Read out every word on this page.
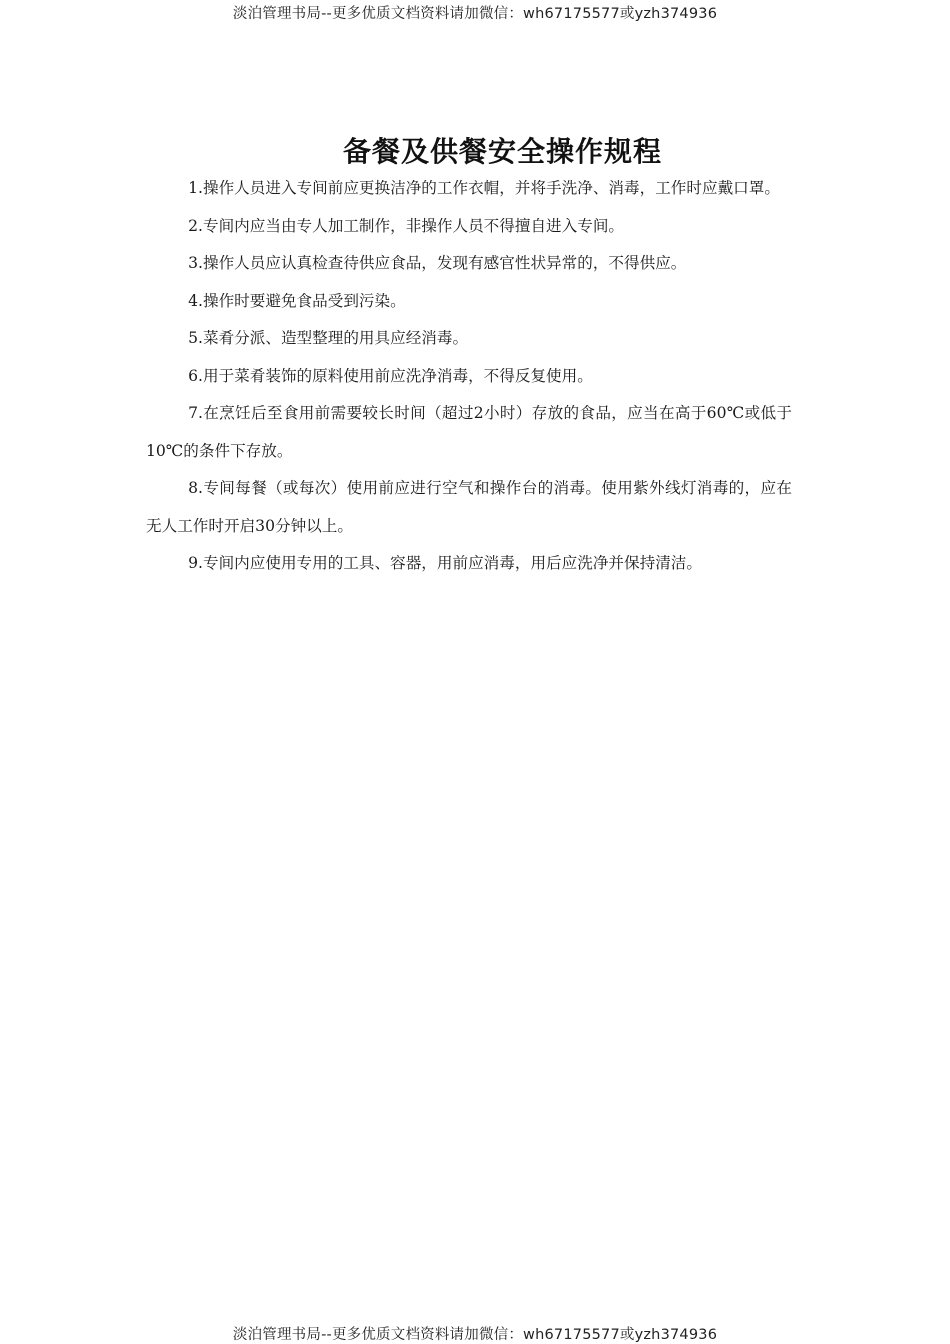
淡泊管理书局--更多优质文档资料请加微信：wh67175577或yzh374936
备餐及供餐安全操作规程

1.操作人员进入专间前应更换洁净的工作衣帽，并将手洗净、消毒，工作时应戴口罩。

2.专间内应当由专人加工制作，非操作人员不得擅自进入专间。

3.操作人员应认真检查待供应食品，发现有感官性状异常的，不得供应。

4.操作时要避免食品受到污染。

5.菜肴分派、造型整理的用具应经消毒。

6.用于菜肴装饰的原料使用前应洗净消毒，不得反复使用。

7.在烹饪后至食用前需要较长时间（超过2小时）存放的食品，应当在高于60℃或低于10℃的条件下存放。

8.专间每餐（或每次）使用前应进行空气和操作台的消毒。使用紫外线灯消毒的，应在无人工作时开启30分钟以上。

9.专间内应使用专用的工具、容器，用前应消毒，用后应洗净并保持清洁。

淡泊管理书局--更多优质文档资料请加微信：wh67175577或yzh374936
